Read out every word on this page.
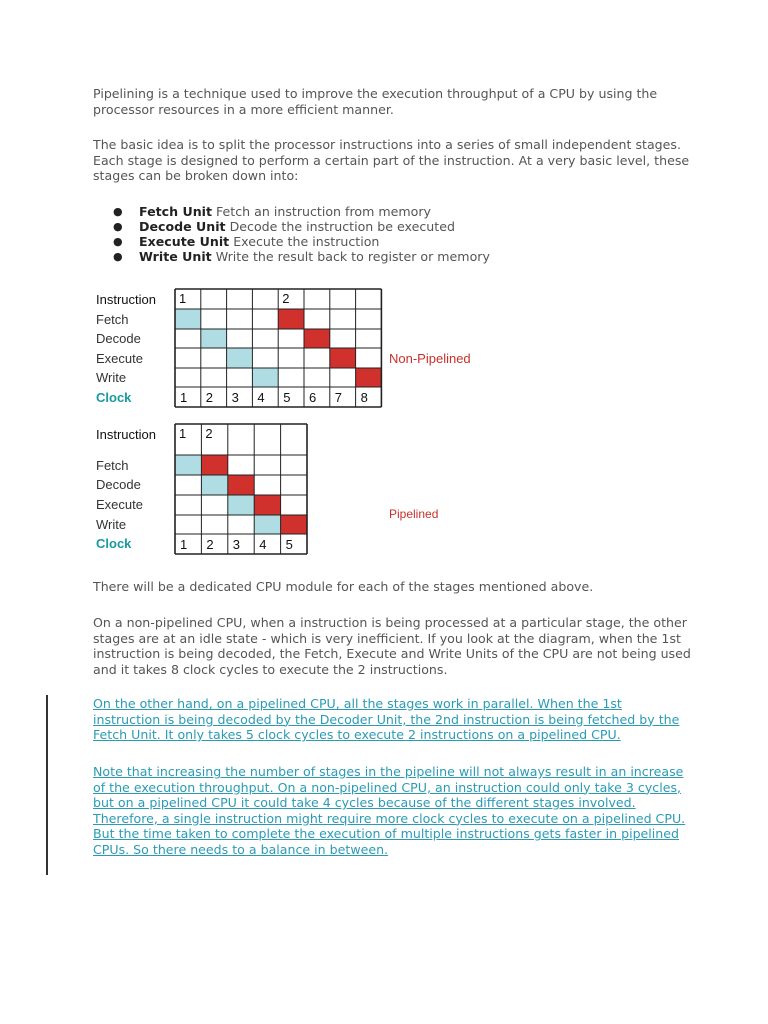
Pipelining is a technique used to improve the execution throughput of a CPU by using the processor resources in a more efficient manner.

The basic idea is to split the processor instructions into a series of small independent stages. Each stage is designed to perform a certain part of the instruction. At a very basic level, these stages can be broken down into:

● Fetch Unit Fetch an instruction from memory
● Decode Unit Decode the instruction be executed
● Execute Unit Execute the instruction
● Write Unit Write the result back to register or memory
1	2
1 2 3 4 5 6 7 8
Instruction
Fetch
Decode
Execute
Write
Clock
Non-Pipelined
1 2
1 2 3 4 5
Instruction
Fetch
Decode
Execute
Write
Clock
Pipelined

There will be a dedicated CPU module for each of the stages mentioned above.

On a non-pipelined CPU, when a instruction is being processed at a particular stage, the other stages are at an idle state - which is very inefficient. If you look at the diagram, when the 1st instruction is being decoded, the Fetch, Execute and Write Units of the CPU are not being used and it takes 8 clock cycles to execute the 2 instructions.

On the other hand, on a pipelined CPU, all the stages work in parallel. When the 1st instruction is being decoded by the Decoder Unit, the 2nd instruction is being fetched by the Fetch Unit. It only takes 5 clock cycles to execute 2 instructions on a pipelined CPU.

Note that increasing the number of stages in the pipeline will not always result in an increase of the execution throughput. On a non-pipelined CPU, an instruction could only take 3 cycles, but on a pipelined CPU it could take 4 cycles because of the different stages involved. Therefore, a single instruction might require more clock cycles to execute on a pipelined CPU. But the time taken to complete the execution of multiple instructions gets faster in pipelined CPUs. So there needs to a balance in between.
